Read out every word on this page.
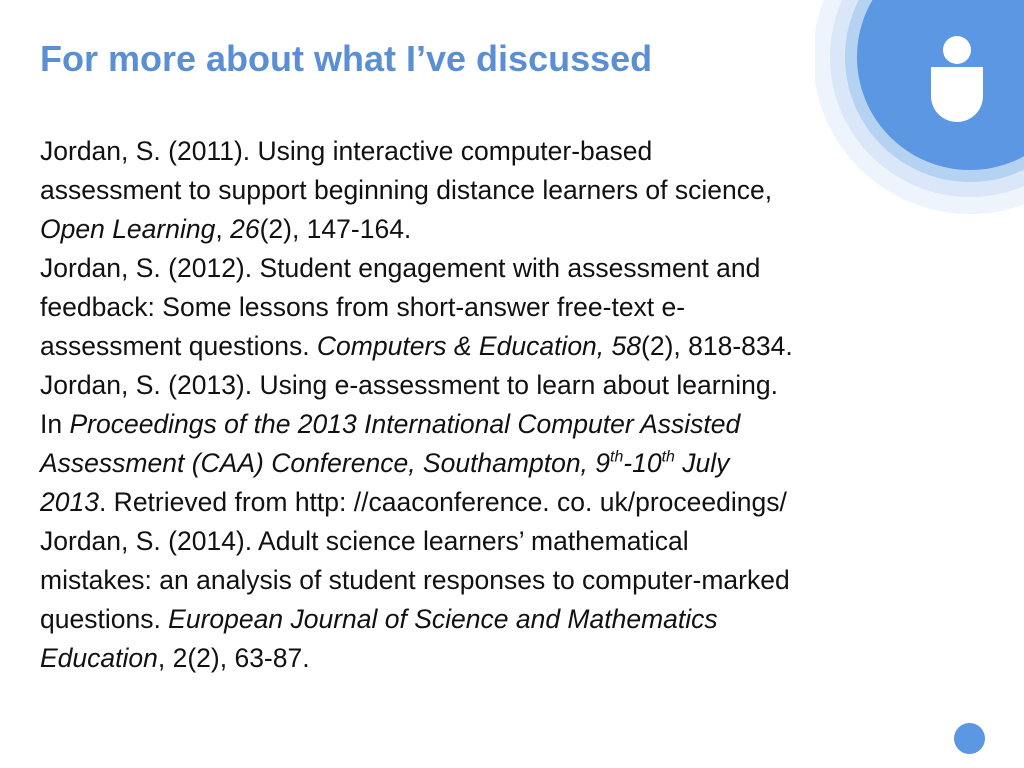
For more about what I’ve discussed
Jordan, S. (2011). Using interactive computer-based
assessment to support beginning distance learners of science,
Open Learning, 26(2), 147-164.
Jordan, S. (2012). Student engagement with assessment and
feedback: Some lessons from short-answer free-text e-
assessment questions. Computers & Education, 58(2), 818-834.
Jordan, S. (2013). Using e-assessment to learn about learning.
In Proceedings of the 2013 International Computer Assisted
Assessment (CAA) Conference, Southampton, 9th-10th July
2013. Retrieved from http: //caaconference. co. uk/proceedings/
Jordan, S. (2014). Adult science learners’ mathematical
mistakes: an analysis of student responses to computer-marked
questions. European Journal of Science and Mathematics
Education, 2(2), 63-87.
